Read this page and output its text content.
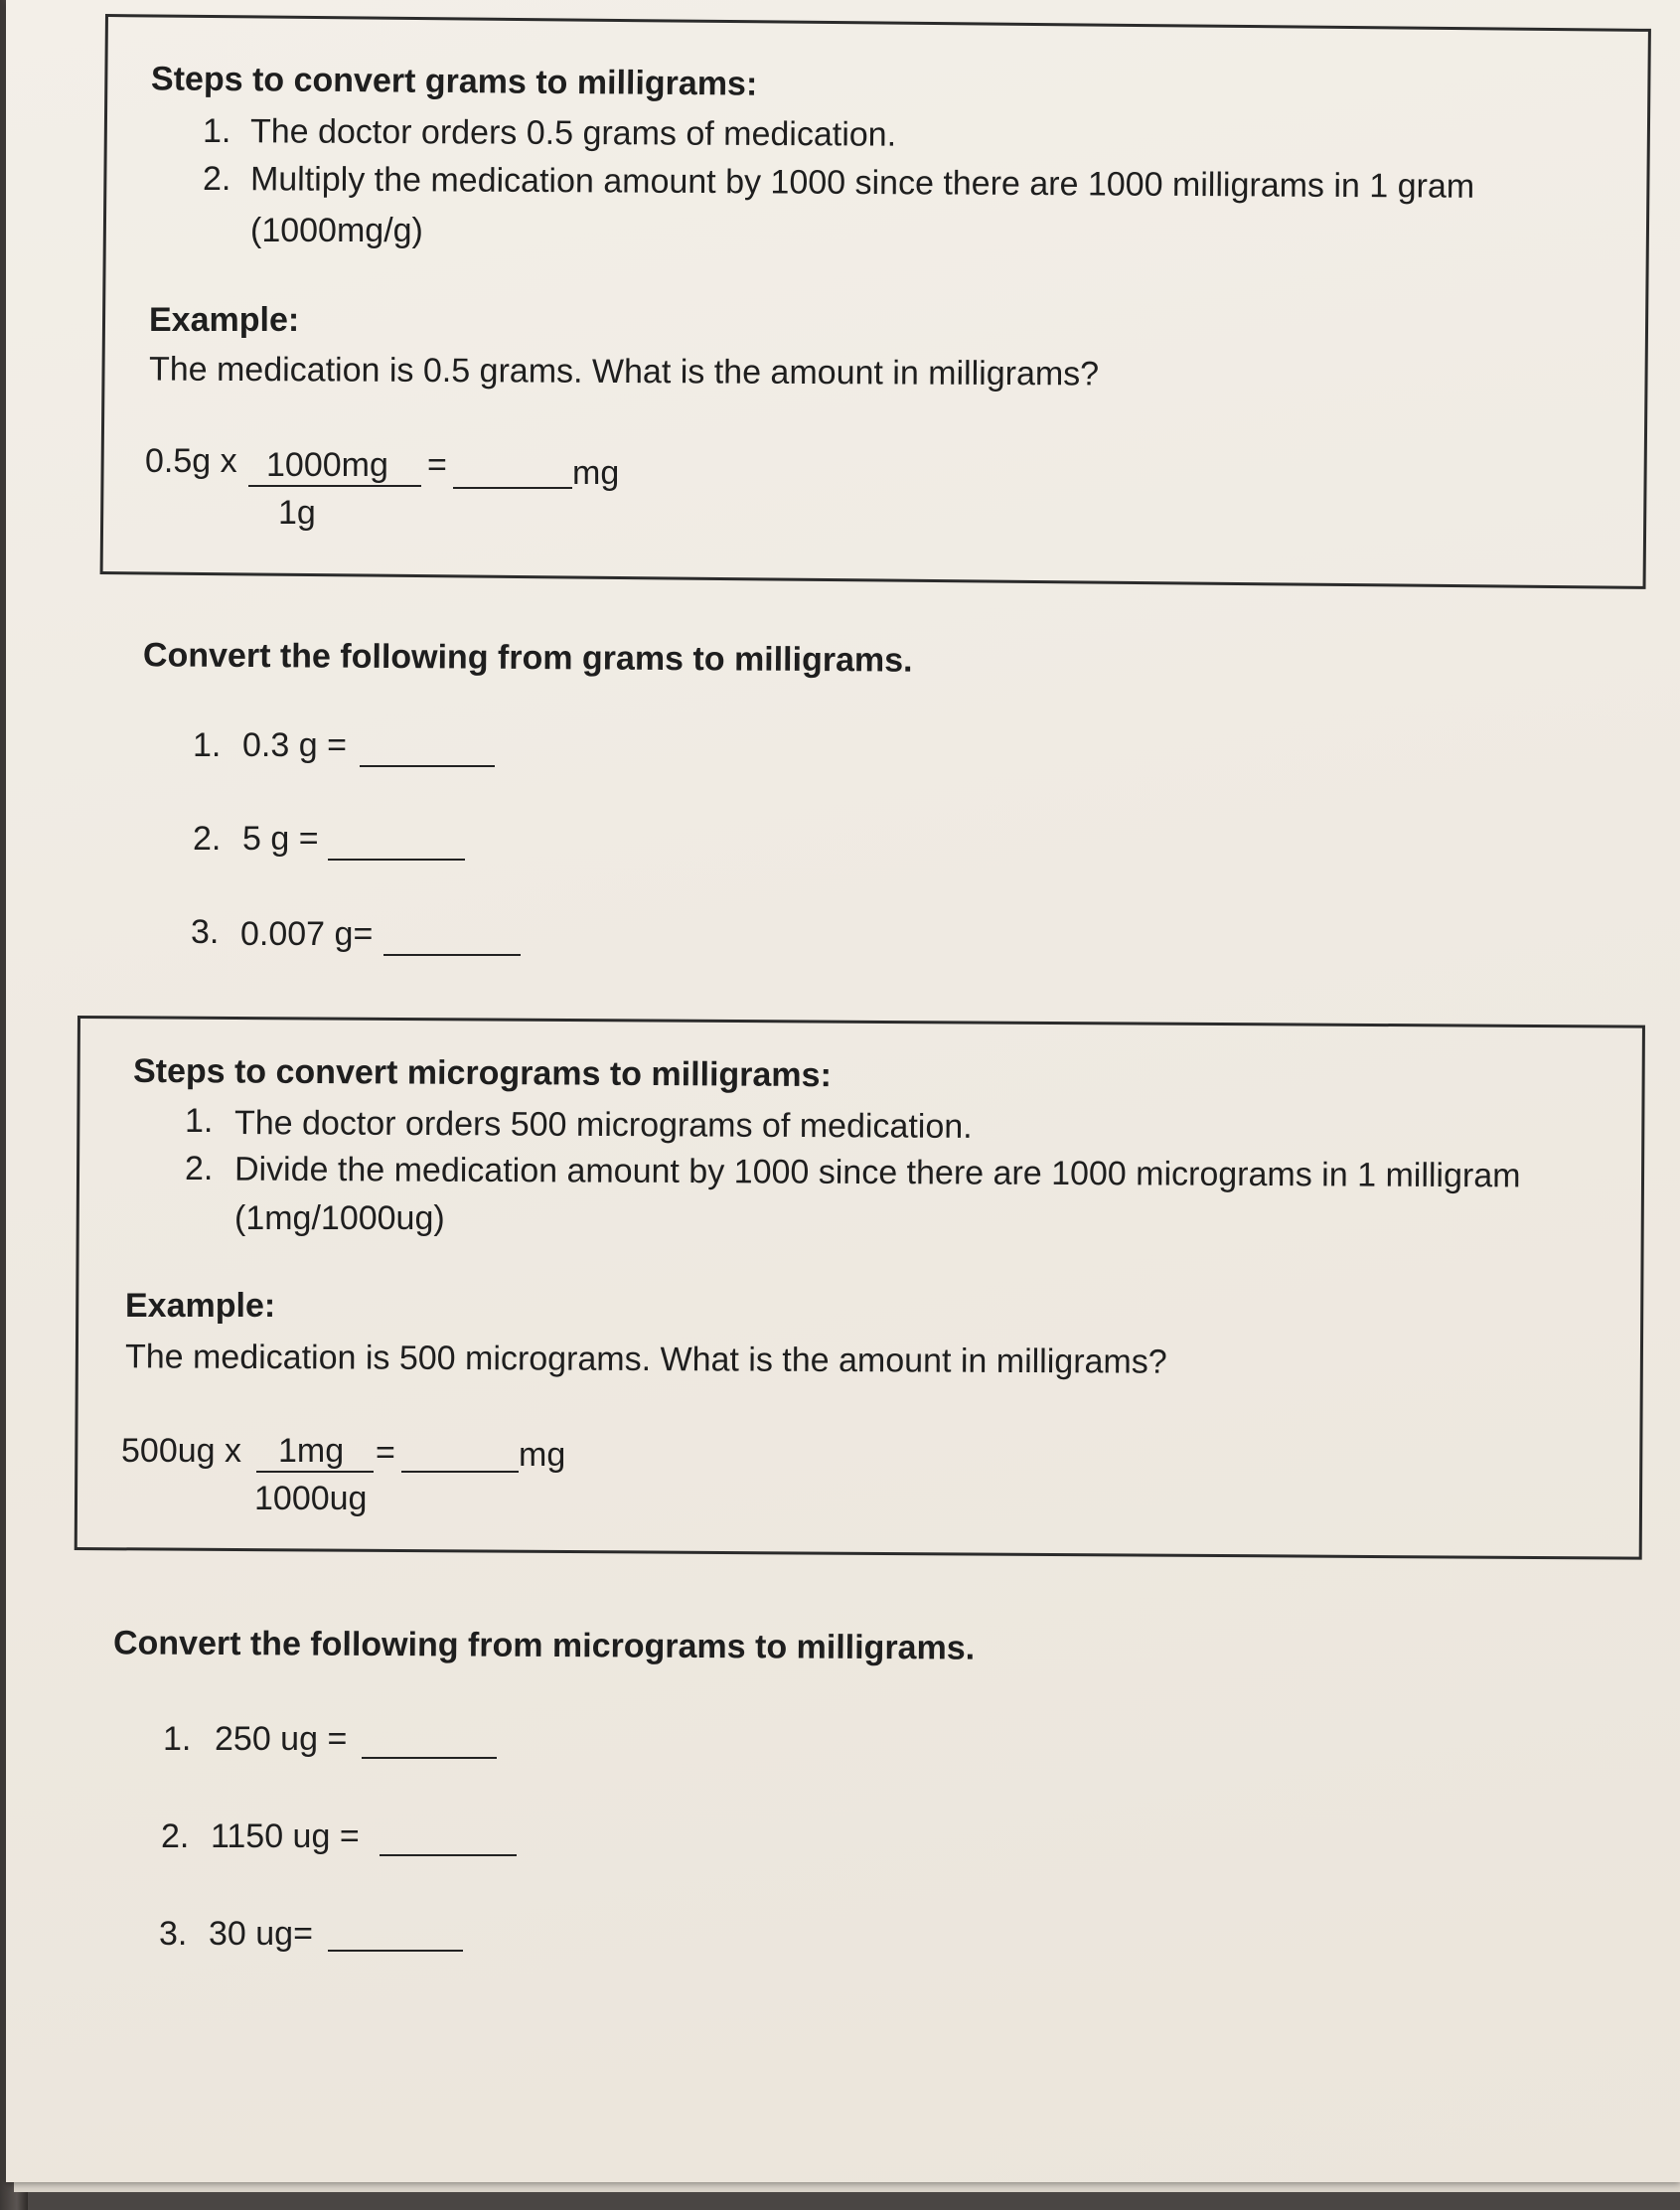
Steps to convert grams to milligrams:
1. The doctor orders 0.5 grams of medication.
2. Multiply the medication amount by 1000 since there are 1000 milligrams in 1 gram
(1000mg/g)
Example:
The medication is 0.5 grams. What is the amount in milligrams?
0.5g x 1000mg =	mg
1g
Convert the following from grams to milligrams.
1. 0.3 g =
2. 5 g =
3. 0.007 g=
Steps to convert micrograms to milligrams:
1. The doctor orders 500 micrograms of medication.
2. Divide the medication amount by 1000 since there are 1000 micrograms in 1 milligram
(1mg/1000ug)
Example:
The medication is 500 micrograms. What is the amount in milligrams?
500ug x 1mg =	mg
1000ug
Convert the following from micrograms to milligrams.
1. 250 ug =
2. 1150 ug =
3. 30 ug=
